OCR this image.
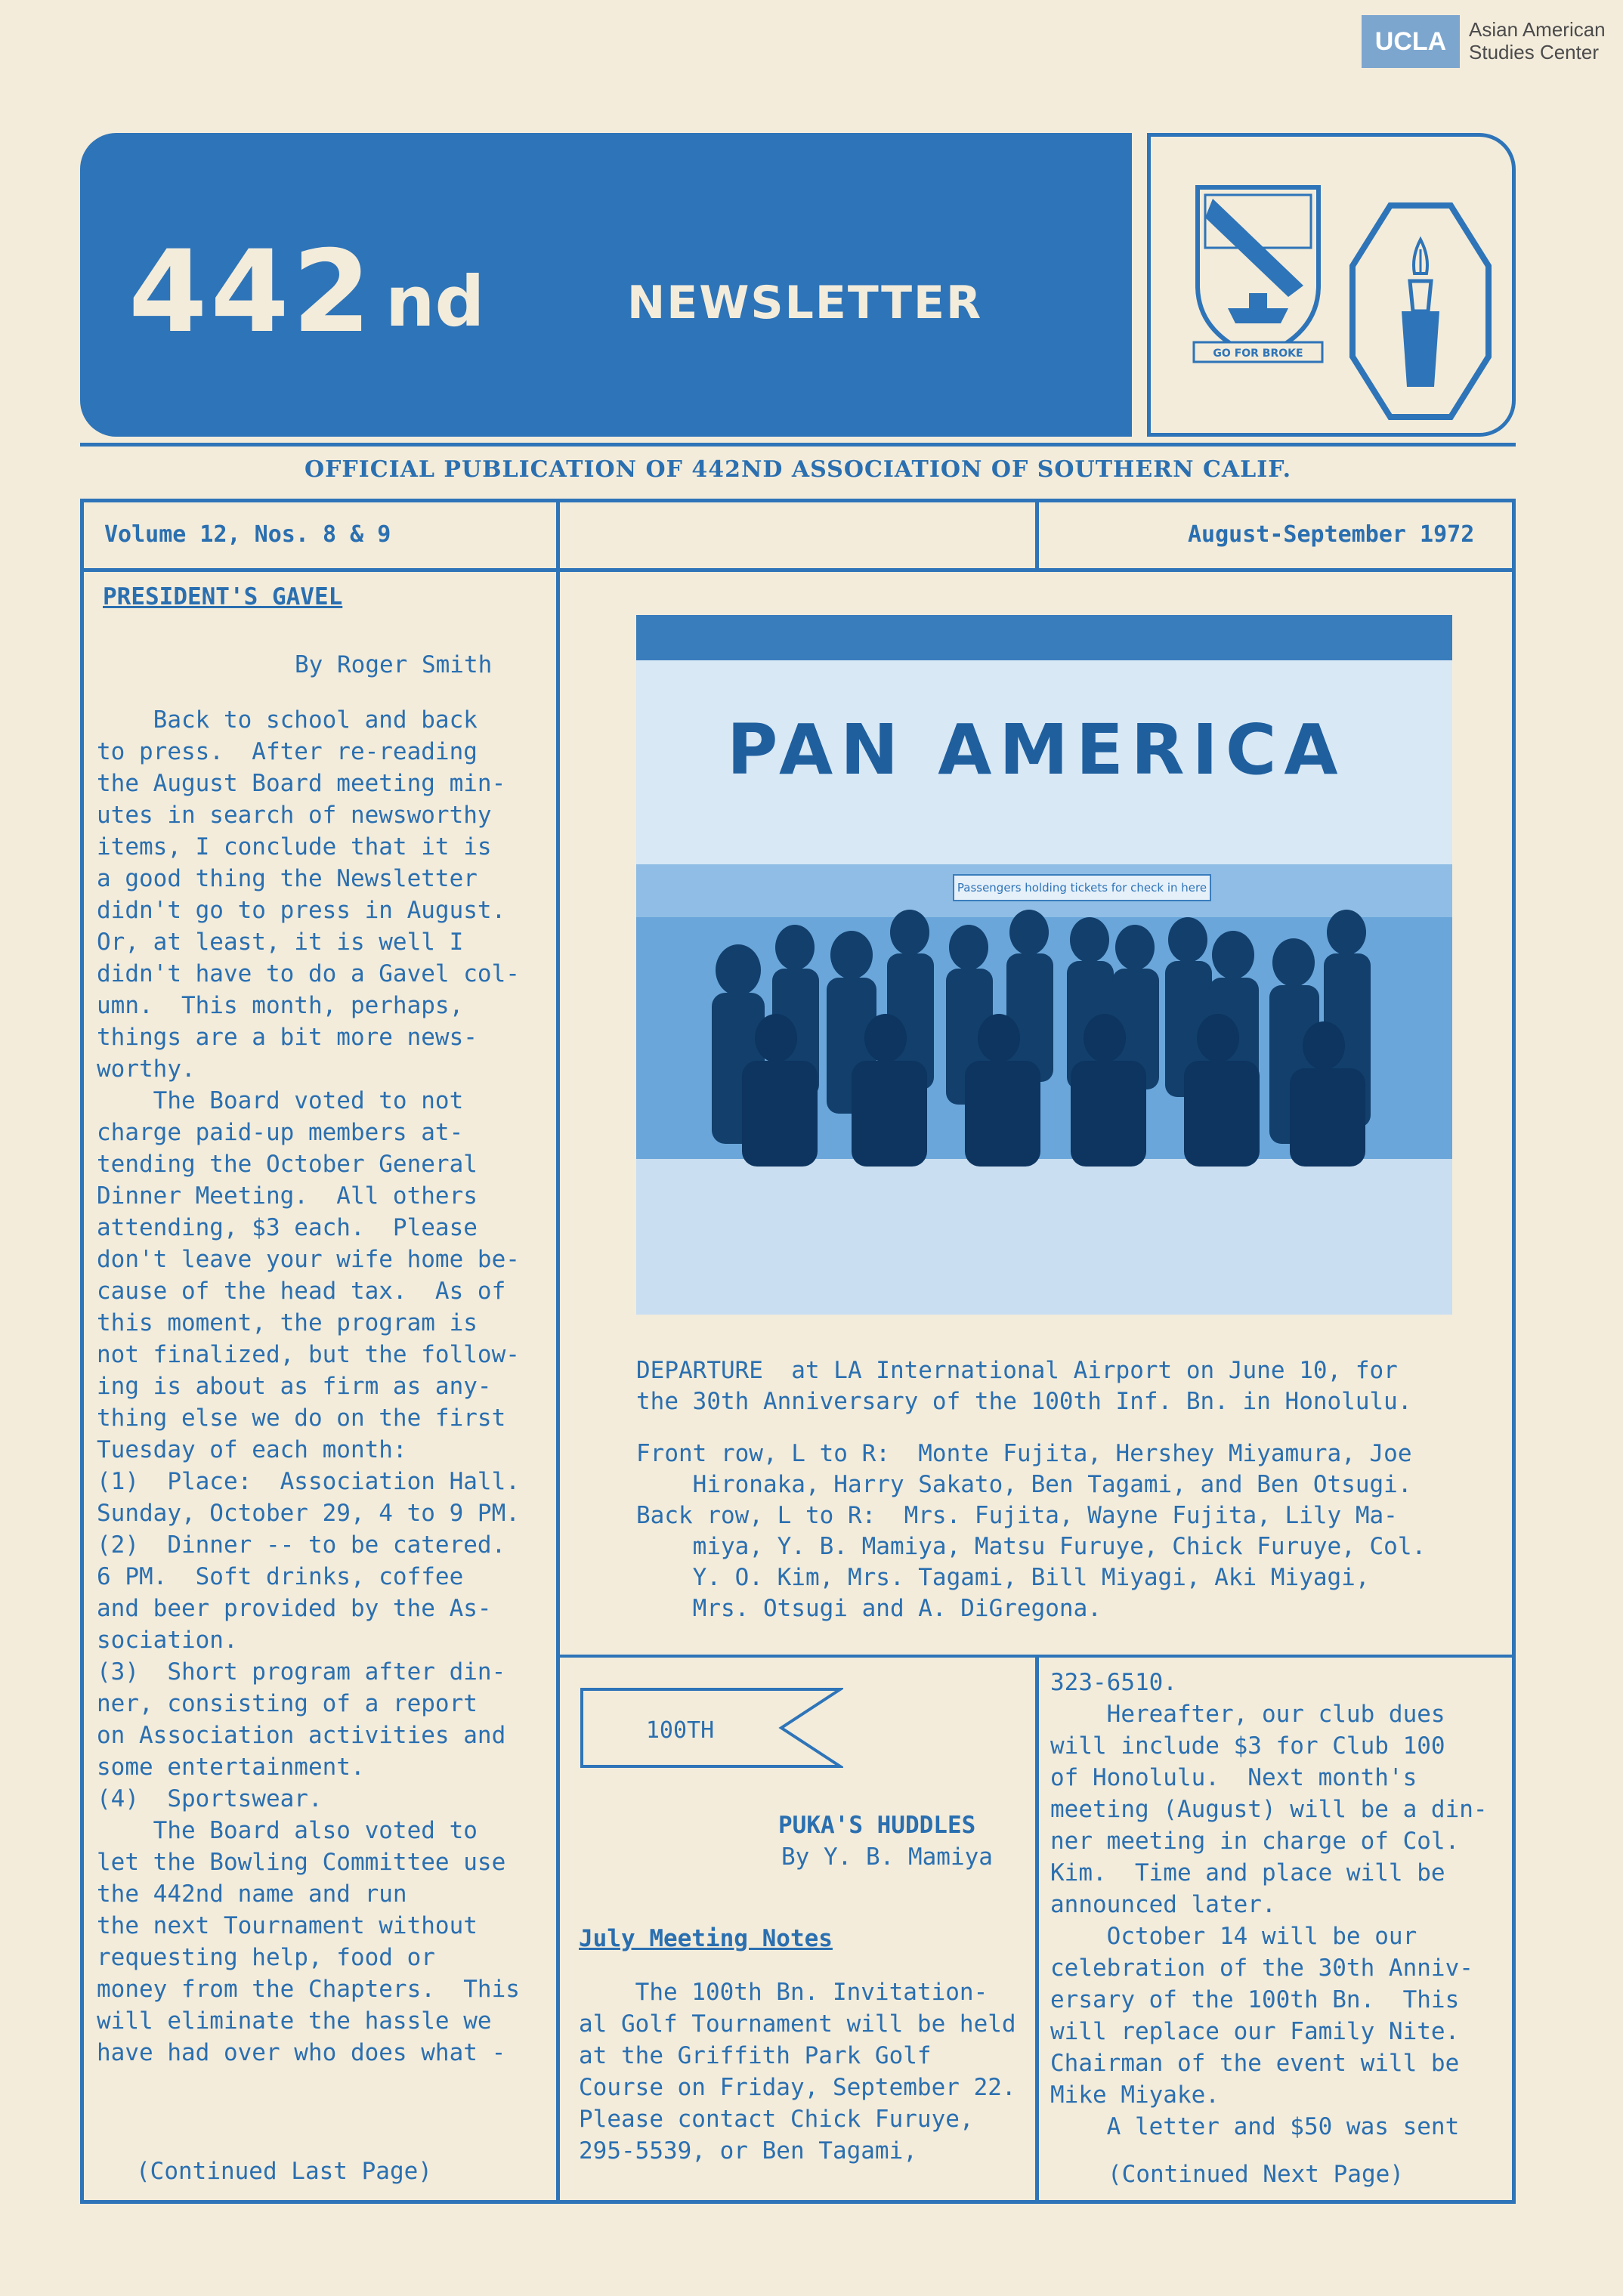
UCLA	Asian American
Studies Center
442 nd	NEWSLETTER
GO FOR BROKE
OFFICIAL PUBLICATION OF 442ND ASSOCIATION OF SOUTHERN CALIF.
Volume 12, Nos. 8 & 9	August-September 1972
PRESIDENT'S GAVEL
By Roger Smith
Back to school and back
to press.  After re-reading
the August Board meeting min-
utes in search of newsworthy
items, I conclude that it is
a good thing the Newsletter
didn't go to press in August.
Or, at least, it is well I
didn't have to do a Gavel col-
umn.  This month, perhaps,
things are a bit more news-
worthy.
The Board voted to not
charge paid-up members at-
tending the October General
Dinner Meeting.  All others
attending, $3 each.  Please
don't leave your wife home be-
cause of the head tax.  As of
this moment, the program is
not finalized, but the follow-
ing is about as firm as any-
thing else we do on the first
Tuesday of each month:
(1)  Place:  Association Hall.
Sunday, October 29, 4 to 9 PM.
(2)  Dinner -- to be catered.
6 PM.  Soft drinks, coffee
and beer provided by the As-
sociation.
(3)  Short program after din-
ner, consisting of a report
on Association activities and
some entertainment.
(4)  Sportswear.
The Board also voted to
let the Bowling Committee use
the 442nd name and run
the next Tournament without
requesting help, food or
money from the Chapters.  This
will eliminate the hassle we
have had over who does what -
(Continued Last Page)
Passengers holding tickets for check in here
PAN AMERICA
DEPARTURE  at LA International Airport on June 10, for
the 30th Anniversary of the 100th Inf. Bn. in Honolulu.
Front row, L to R:  Monte Fujita, Hershey Miyamura, Joe
Hironaka, Harry Sakato, Ben Tagami, and Ben Otsugi.
Back row, L to R:  Mrs. Fujita, Wayne Fujita, Lily Ma-
miya, Y. B. Mamiya, Matsu Furuye, Chick Furuye, Col.
Y. O. Kim, Mrs. Tagami, Bill Miyagi, Aki Miyagi,
Mrs. Otsugi and A. DiGregona.
100TH
PUKA'S HUDDLES
By Y. B. Mamiya
July Meeting Notes
The 100th Bn. Invitation-
al Golf Tournament will be held
at the Griffith Park Golf
Course on Friday, September 22.
Please contact Chick Furuye,
295-5539, or Ben Tagami,
323-6510.
Hereafter, our club dues
will include $3 for Club 100
of Honolulu.  Next month's
meeting (August) will be a din-
ner meeting in charge of Col.
Kim.  Time and place will be
announced later.
October 14 will be our
celebration of the 30th Anniv-
ersary of the 100th Bn.  This
will replace our Family Nite.
Chairman of the event will be
Mike Miyake.
A letter and $50 was sent
(Continued Next Page)
